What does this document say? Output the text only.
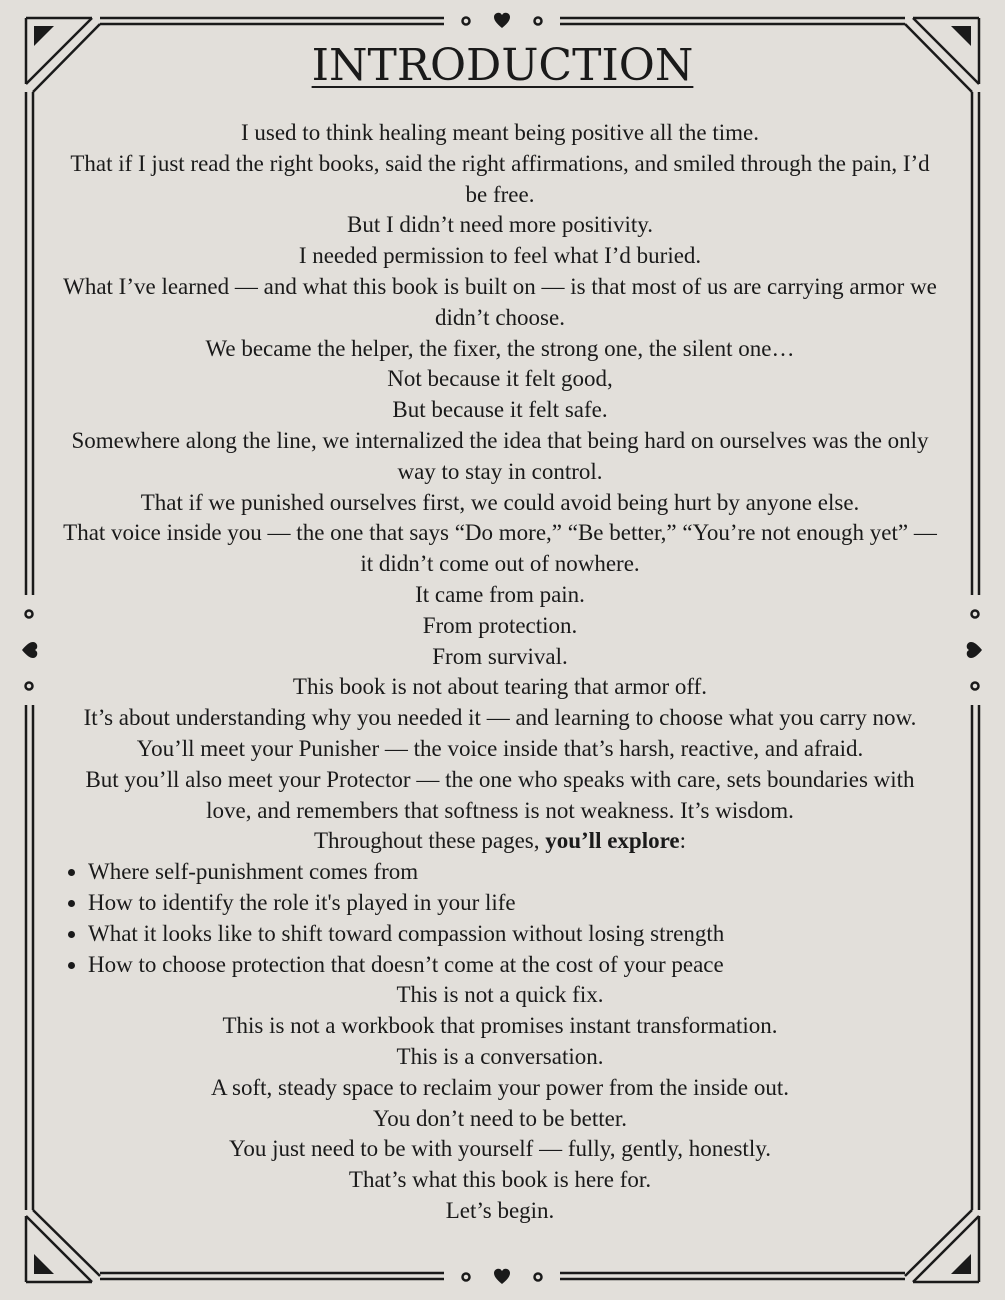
INTRODUCTION

I used to think healing meant being positive all the time.

That if I just read the right books, said the right affirmations, and smiled through the pain, I’d be free.

But I didn’t need more positivity.

I needed permission to feel what I’d buried.

What I’ve learned — and what this book is built on — is that most of us are carrying armor we didn’t choose.

We became the helper, the fixer, the strong one, the silent one…

Not because it felt good,

But because it felt safe.

Somewhere along the line, we internalized the idea that being hard on ourselves was the only way to stay in control.

That if we punished ourselves first, we could avoid being hurt by anyone else.

That voice inside you — the one that says “Do more,” “Be better,” “You’re not enough yet” — it didn’t come out of nowhere.

It came from pain.

From protection.

From survival.

This book is not about tearing that armor off.

It’s about understanding why you needed it — and learning to choose what you carry now.

You’ll meet your Punisher — the voice inside that’s harsh, reactive, and afraid.

But you’ll also meet your Protector — the one who speaks with care, sets boundaries with love, and remembers that softness is not weakness. It’s wisdom.

Throughout these pages, you’ll explore:

• Where self-punishment comes from
• How to identify the role it's played in your life
• What it looks like to shift toward compassion without losing strength
• How to choose protection that doesn’t come at the cost of your peace

This is not a quick fix.

This is not a workbook that promises instant transformation.

This is a conversation.

A soft, steady space to reclaim your power from the inside out.

You don’t need to be better.

You just need to be with yourself — fully, gently, honestly.

That’s what this book is here for.

Let’s begin.
